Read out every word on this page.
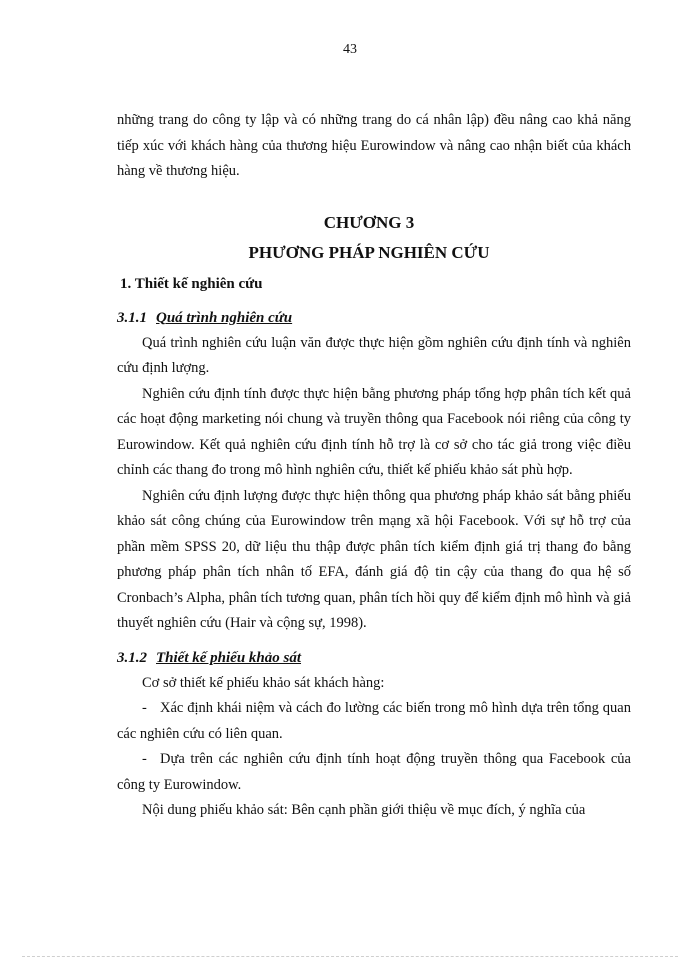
43

những trang do công ty lập và có những trang do cá nhân lập) đều nâng cao khả năng tiếp xúc với khách hàng của thương hiệu Eurowindow và nâng cao nhận biết của khách hàng về thương hiệu.

CHƯƠNG 3
PHƯƠNG PHÁP NGHIÊN CỨU
1. Thiết kế nghiên cứu
3.1.1 Quá trình nghiên cứu

Quá trình nghiên cứu luận văn được thực hiện gồm nghiên cứu định tính và nghiên cứu định lượng.

Nghiên cứu định tính được thực hiện bằng phương pháp tổng hợp phân tích kết quả các hoạt động marketing nói chung và truyền thông qua Facebook nói riêng của công ty Eurowindow. Kết quả nghiên cứu định tính hỗ trợ là cơ sở cho tác giả trong việc điều chỉnh các thang đo trong mô hình nghiên cứu, thiết kế phiếu khảo sát phù hợp.

Nghiên cứu định lượng được thực hiện thông qua phương pháp khảo sát bằng phiếu khảo sát công chúng của Eurowindow trên mạng xã hội Facebook. Với sự hỗ trợ của phần mềm SPSS 20, dữ liệu thu thập được phân tích kiểm định giá trị thang đo bằng phương pháp phân tích nhân tố EFA, đánh giá độ tin cậy của thang đo qua hệ số Cronbach’s Alpha, phân tích tương quan, phân tích hồi quy để kiểm định mô hình và giả thuyết nghiên cứu (Hair và cộng sự, 1998).

3.1.2 Thiết kế phiếu khảo sát

Cơ sở thiết kế phiếu khảo sát khách hàng:

- Xác định khái niệm và cách đo lường các biến trong mô hình dựa trên tổng quan các nghiên cứu có liên quan.

- Dựa trên các nghiên cứu định tính hoạt động truyền thông qua Facebook của công ty Eurowindow.

Nội dung phiếu khảo sát: Bên cạnh phần giới thiệu về mục đích, ý nghĩa của
